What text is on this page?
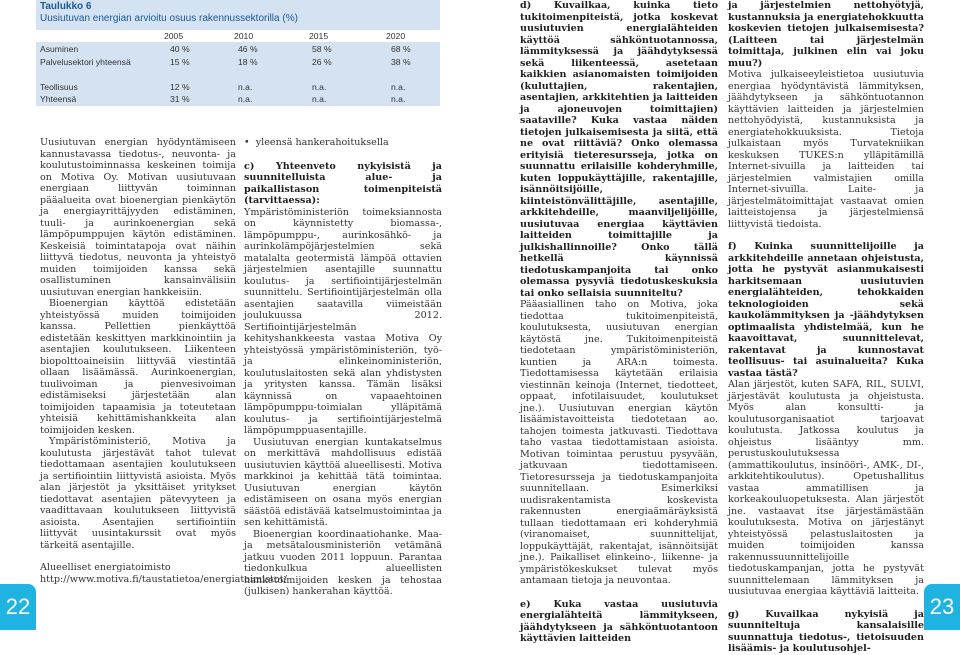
Taulukko 6
Uusiutuvan energian arvioitu osuus rakennussektorilla (%)
2005	2010	2015	2020
Asuminen	40 %	46 %	58 %	68 %
Palvelusektori yhteensä	15 %	18 %	26 %	38 %
Teollisuus	12 %	n.a.	n.a.	n.a.
Yhteensä	31 %	n.a.	n.a.	n.a.

Uusiutuvan energian hyödyntämiseen kannustavassa tiedotus-, neuvonta- ja koulutustoiminnassa keskeinen toimija on Motiva Oy. Motivan uusiutuvaan energiaan liittyvän toiminnan pääalueita ovat bioenergian pienkäytön ja energiayrittäjyyden edistäminen, tuuli- ja aurinkoenergian sekä lämpöpumppujen käytön edistäminen. Keskeisiä toimintatapoja ovat näihin liittyvä tiedotus, neuvonta ja yhteistyö muiden toimijoiden kanssa sekä osallistuminen kansainvälisiin uusiutuvan energian hankkeisiin.

Bioenergian käyttöä edistetään yhteistyössä muiden toimijoiden kanssa. Pellettien pienkäyttöä edistetään keskittyen markkinointiin ja asentajien koulutukseen. Liikenteen biopolttoaineisiin liittyvää viestintää ollaan lisäämässä. Aurinkoenergian, tuulivoiman ja pienvesivoiman edistämiseksi järjestetään alan toimijoiden tapaamisia ja toteutetaan yhteisiä kehittämishankkeita alan toimijoiden kesken.

Ympäristöministeriö, Motiva ja koulutusta järjestävät tahot tulevat tiedottamaan asentajien koulutukseen ja sertifiointiin liittyvistä asioista. Myös alan järjestöt ja yksittäiset yritykset tiedottavat asentajien pätevyyteen ja vaadittavaan koulutukseen liittyvistä asioista. Asentajien sertifiointiin liittyvät uusintakurssit ovat myös tärkeitä asentajille.

Alueelliset energiatoimisto http://www.motiva.fi/taustatietoa/energiatoimistot/

•  yleensä hankerahoituksella

c) Yhteenveto nykyisistä ja suunnitelluista alue- ja paikallistason toimenpiteistä (tarvittaessa):

Ympäristöministeriön toimeksiannosta on käynnistetty biomassa-, lämpöpumppu-, aurinkosähkö- ja aurinkolämpöjärjestelmien sekä matalalta geotermistä lämpöä ottavien järjestelmien asentajille suunnattu koulutus- ja sertifiointijärjestelmän suunnittelu. Sertifiointijärjestelmän olla asentajien saatavilla viimeistään joulukuussa 2012. Sertifiointijärjestelmän kehityshankkeesta vastaa Motiva Oy yhteistyössä ympäristöministeriön, työ- ja elinkeinoministeriön, koulutuslaitosten sekä alan yhdistysten ja yritysten kanssa. Tämän lisäksi käynnissä on vapaaehtoinen lämpöpumppu-toimialan ylläpitämä koulutus- ja sertifiointijärjestelmä lämpöpumppuasentajille.

Uusiutuvan energian kuntakatselmus on merkittävä mahdollisuus edistää uusiutuvien käyttöä alueellisesti. Motiva markkinoi ja kehittää tätä toimintaa. Uusiutuvan energian käytön edistämiseen on osana myös energian säästöä edistävää katselmustoimintaa ja sen kehittämistä.

Bioenergian koordinaatiohanke. Maa- ja metsätalousministeriön vetämänä jatkuu vuoden 2011 loppuun. Parantaa tiedonkulkua alueellisten hanketoimijoiden kesken ja tehostaa (julkisen) hankerahan käyttöä.

d) Kuvailkaa, kuinka tieto tukitoimenpiteistä, jotka koskevat uusiutuvien energialähteiden käyttöä sähköntuotannossa, lämmityksessä ja jäähdytyksessä sekä liikenteessä, asetetaan kaikkien asianomaisten toimijoiden (kuluttajien, rakentajien, asentajien, arkkitehtien ja laitteiden ja ajoneuvojen toimittajien) saataville? Kuka vastaa näiden tietojen julkaisemisesta ja siitä, että ne ovat riittäviä? Onko olemassa erityisiä tieteresursseja, jotka on suunnattu erilaisille kohderyhmille, kuten loppukäyttäjille, rakentajille, isännöitsijöille, kiinteistönvälittäjille, asentajille, arkkitehdeille, maanviljelijöille, uusiutuvaa energiaa käyttävien laitteiden toimittajille ja julkishallinnoille? Onko tällä hetkellä käynnissä tiedotuskampanjoita tai onko olemassa pysyviä tiedotuskeskuksia tai onko sellaisia suunniteltu?

Pääasiallinen taho on Motiva, joka tiedottaa tukitoimenpiteistä, koulutuksesta, uusiutuvan energian käytöstä jne. Tukitoimenpiteistä tiedotetaan ympäristöministeriön, kuntien ja ARA:n toimesta. Tiedottamisessa käytetään erilaisia viestinnän keinoja (Internet, tiedotteet, oppaat, infotilaisuudet, koulutukset jne.). Uusiutuvan energian käytön lisäämistavoitteista tiedotetaan ao. tahojen toimesta jatkuvasti. Tiedottava taho vastaa tiedottamistaan asioista. Motivan toimintaa perustuu pysyvään, jatkuvaan tiedottamiseen. Tietoresursseja ja tiedotuskampanjoita suunnitellaan. Esimerkiksi uudisrakentamista koskevista rakennusten energiaämäräyksistä tullaan tiedottamaan eri kohderyhmiä (viranomaiset, suunnittelijat, loppukäyttäjät, rakentajat, isännöitsijät jne.). Paikalliset elinkeino-, liikenne- ja ympäristökeskukset tulevat myös antamaan tietoja ja neuvontaa.

e) Kuka vastaa uusiutuvia energialähteitä lämmitykseen, jäähdytykseen ja sähköntuotantoon käyttävien laitteiden

ja järjestelmien nettohyötyjä, kustannuksia ja energiatehokkuutta koskevien tietojen julkaisemisesta? (Laitteen tai järjestelmän toimittaja, julkinen elin vai joku muu?)

Motiva julkaiseeyleistietoa uusiutuvia energiaa hyödyntävistä lämmityksen, jäähdytykseen ja sähköntuotannon käyttävien laitteiden ja järjestelmien nettohyödyistä, kustannuksista ja energiatehokkuuksista. Tietoja julkaistaan myös Turvatekniikan keskuksen TUKES:n ylläpitämillä Internet-sivuilla ja laitteiden tai järjestelmien valmistajien omilla Internet-sivuilla. Laite- ja järjestelmätoimittajat vastaavat omien laitteistojensa ja järjestelmiensä liittyvistä tiedoista.

f) Kuinka suunnittelijoille ja arkkitehdeille annetaan ohjeistusta, jotta he pystyvät asianmukaisesti harkitsemaan uusiutuvien energialähteiden, tehokkaiden teknologioiden sekä kaukolämmityksen ja -jäähdytyksen optimaalista yhdistelmää, kun he kaavoittavat, suunnittelevat, rakentavat ja kunnostavat teollisuus- tai asuinalueita? Kuka vastaa tästä?

Alan järjestöt, kuten SAFA, RIL, SULVI, järjestävät koulutusta ja ohjeistusta. Myös alan konsultti- ja koulutusorganisaatiot tarjoavat koulutusta. Jatkossa koulutus ja ohjeistus lisääntyy mm. perustuskoulutuksessa (ammattikoulutus, insinööri-, AMK-, DI-, arkkitehtikoulutus). Opetushallitus vastaa ammatillisen ja korkeakouluopetuksesta. Alan järjestöt jne. vastaavat itse järjestämästään koulutuksesta. Motiva on järjestänyt yhteistyössä pelastuslaitosten ja muiden toimijoiden kanssa rakennussuunnittelijoille tiedotuskampanjan, jotta he pystyvät suunnittelemaan lämmityksen ja uusiutuvaa energiaa käyttäviä laitteita.

g) Kuvailkaa nykyisiä ja suunniteltuja kansalaisille suunnattuja tiedotus-, tietoisuuden lisäämis- ja koulutusohjel-

22	23
